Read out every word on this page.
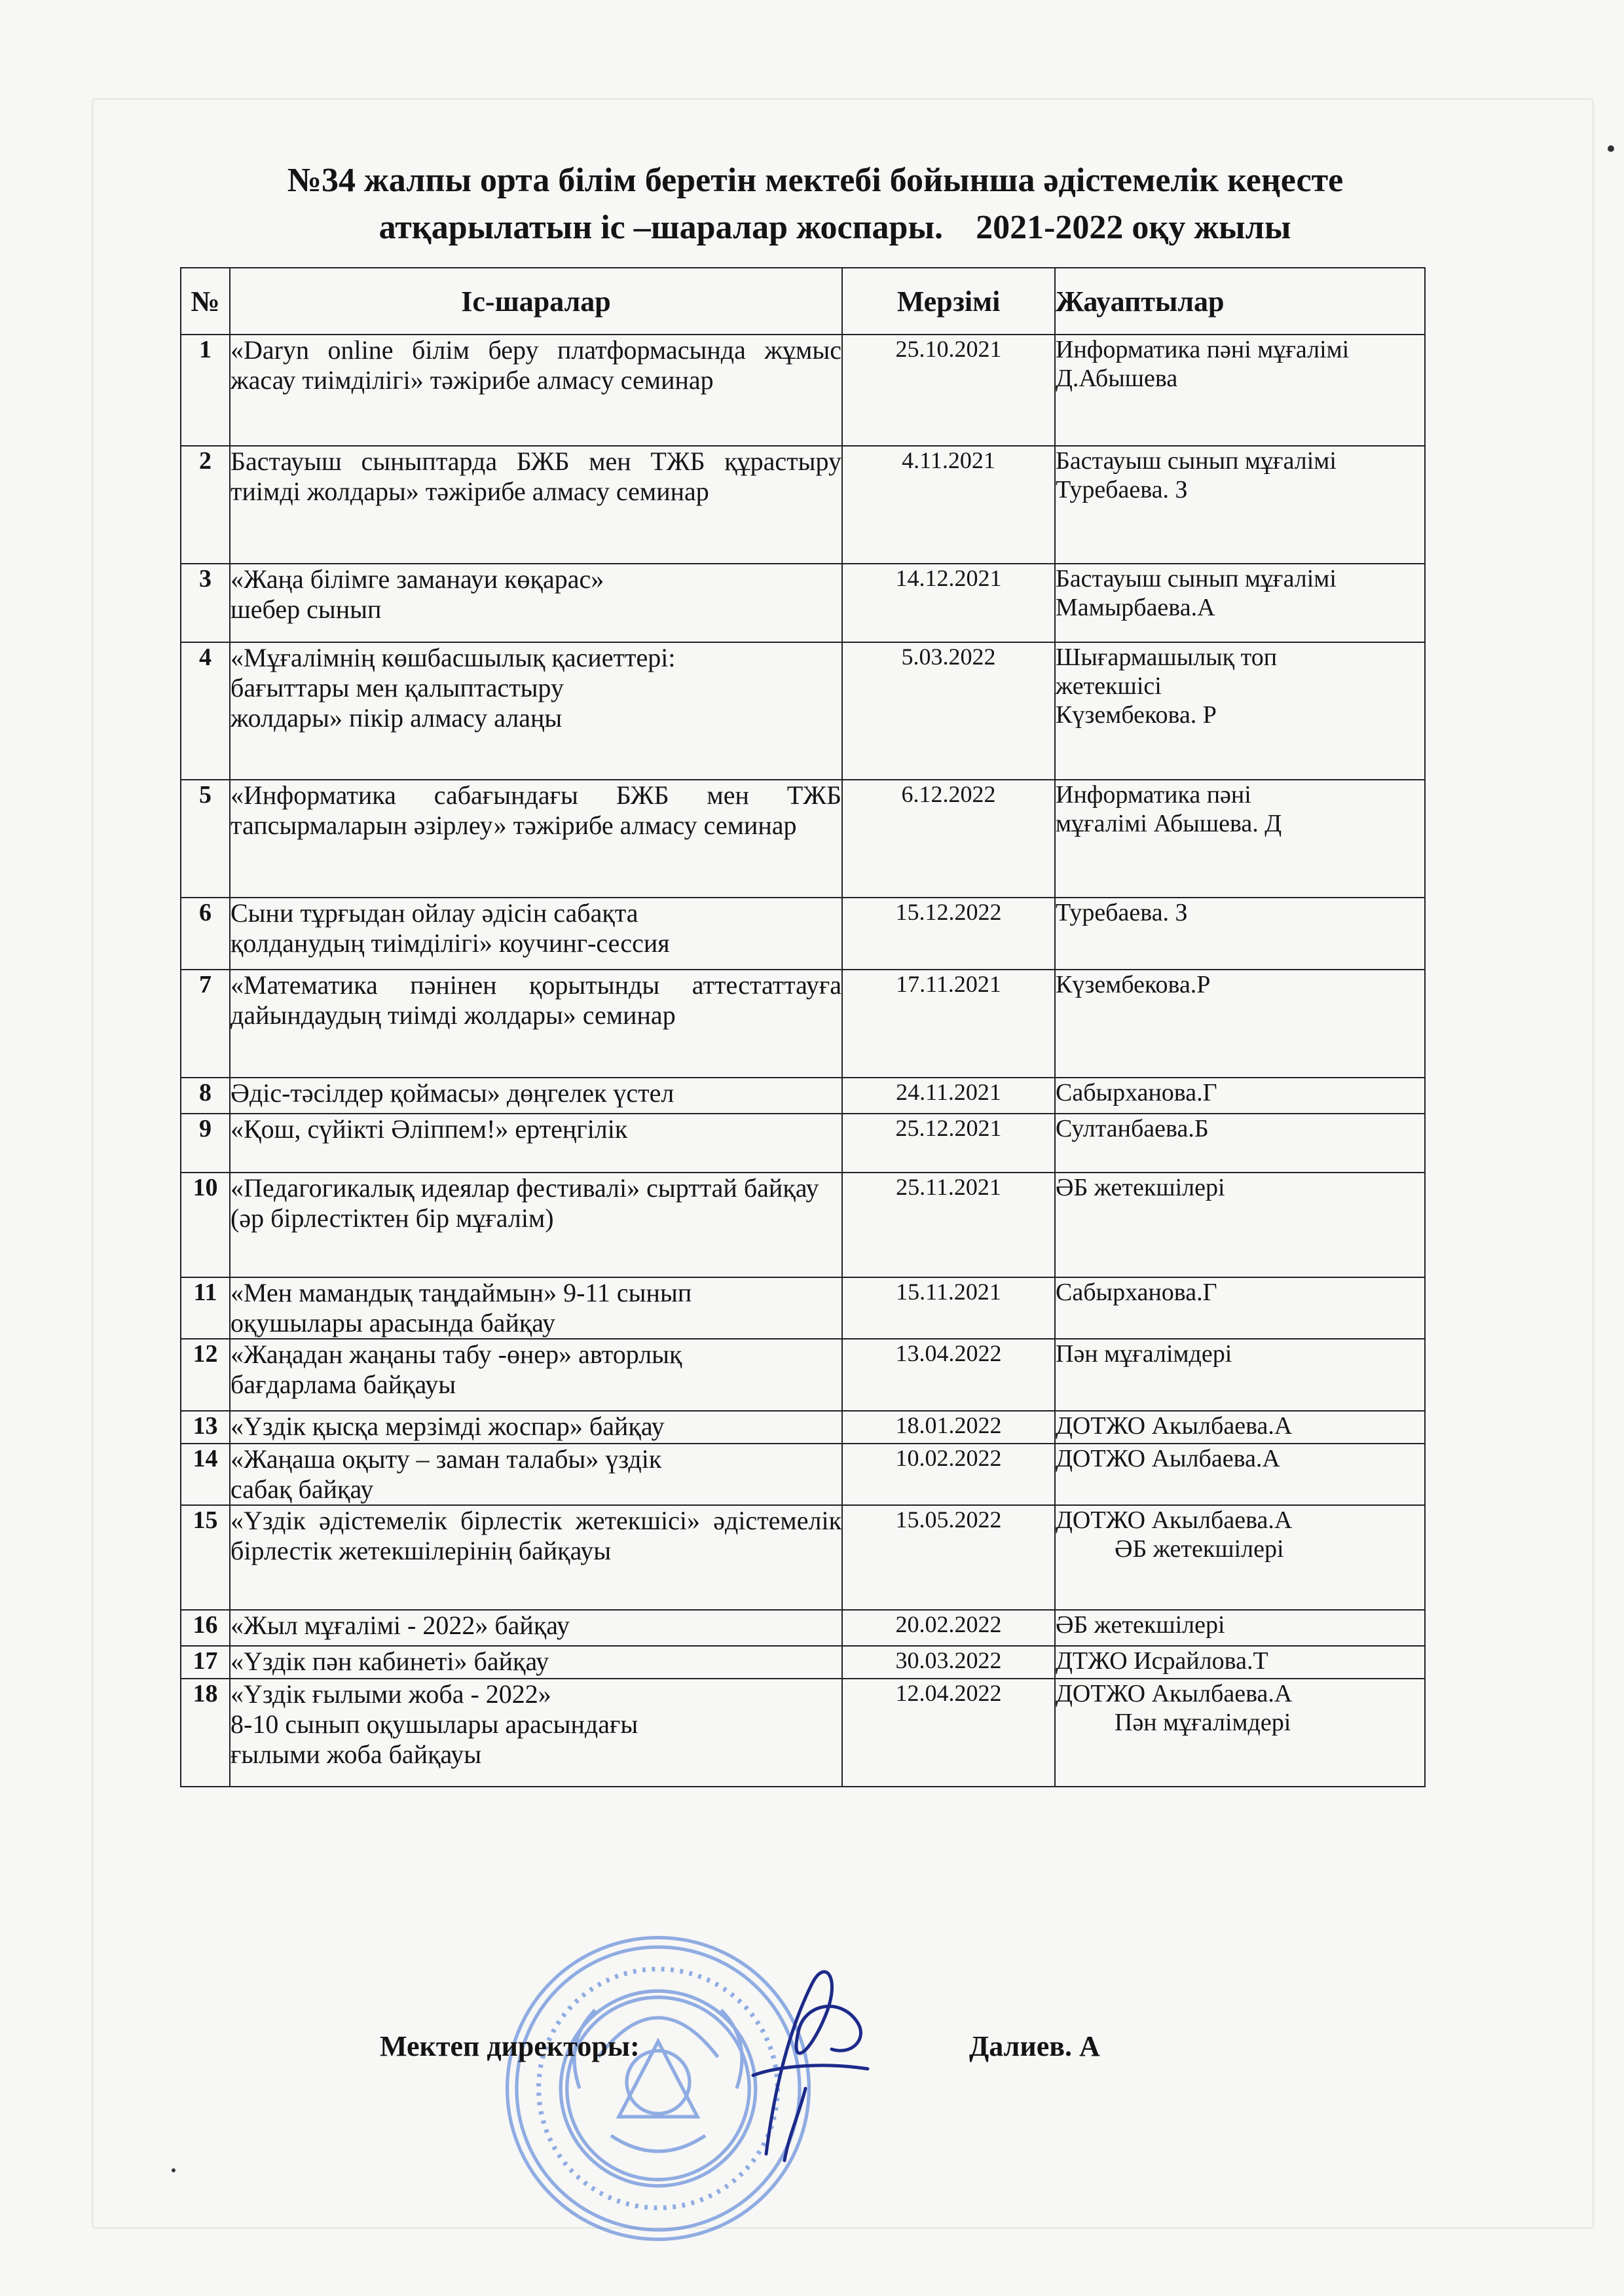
№34 жалпы орта білім беретін мектебі бойынша әдістемелік кеңесте
атқарылатын іс –шаралар жоспары. 2021-2022 оқу жылы
№	Іс-шаралар	Мерзімі	Жауаптылар
1	«Daryn online білім беру платформасында жұмыс жасау тиімділігі» тәжірибе алмасу семинар	25.10.2021	Информатика пәні мұғалімі Д.Абышева

2	Бастауыш сыныптарда БЖБ мен ТЖБ құрастыру тиімді жолдары» тәжірибе алмасу семинар	4.11.2021	Бастауыш сынып мұғалімі Туребаева. З

3	«Жаңа білімге заманауи көқарас»
шебер сынып	14.12.2021	Бастауыш сынып мұғалімі
Мамырбаева.А

4	«Мұғалімнің көшбасшылық қасиеттері:
бағыттары мен қалыптастыру
жолдары» пікір алмасу алаңы	5.03.2022	Шығармашылық топ
жетекшісі
Күзембекова. Р

5	«Информатика сабағындағы БЖБ мен ТЖБ тапсырмаларын әзірлеу» тәжірибе алмасу семинар	6.12.2022	Информатика пәні
мұғалімі Абышева. Д

6	Сыни тұрғыдан ойлау әдісін сабақта
қолданудың тиімділігі» коучинг-сессия	15.12.2022	Туребаева. З

7	«Математика пәнінен қорытынды аттестаттауға дайындаудың тиімді жолдары» семинар	17.11.2021	Күзембекова.Р

8	Әдіс-тәсілдер қоймасы» дөңгелек үстел	24.11.2021	Сабырханова.Г

9	«Қош, сүйікті Әліппем!» ертеңгілік	25.12.2021	Султанбаева.Б

10	«Педагогикалық идеялар фестивалі» сырттай байқау
(әр бірлестіктен бір мұғалім)	25.11.2021	ӘБ жетекшілері

11	«Мен мамандық таңдаймын» 9-11 сынып
оқушылары арасында байқау	15.11.2021	Сабырханова.Г

12	«Жаңадан жаңаны табу -өнер» авторлық
бағдарлама байқауы	13.04.2022	Пән мұғалімдері

13	«Үздік қысқа мерзімді жоспар» байқау	18.01.2022	ДОТЖО Акылбаева.А

14	«Жаңаша оқыту – заман талабы» үздік
сабақ байқау	10.02.2022	ДОТЖО Аылбаева.А

15	«Үздік әдістемелік бірлестік жетекшісі» әдістемелік бірлестік жетекшілерінің байқауы	15.05.2022	ДОТЖО Акылбаева.А
ӘБ жетекшілері

16	«Жыл мұғалімі - 2022» байқау	20.02.2022	ӘБ жетекшілері

17	«Үздік пән кабинеті» байқау	30.03.2022	ДТЖО Исрайлова.Т

18	«Үздік ғылыми жоба - 2022»
8-10 сынып оқушылары арасындағы
ғылыми жоба байқауы	12.04.2022	ДОТЖО Акылбаева.А
Пән мұғалімдері
Мектеп директоры:	Далиев. А
